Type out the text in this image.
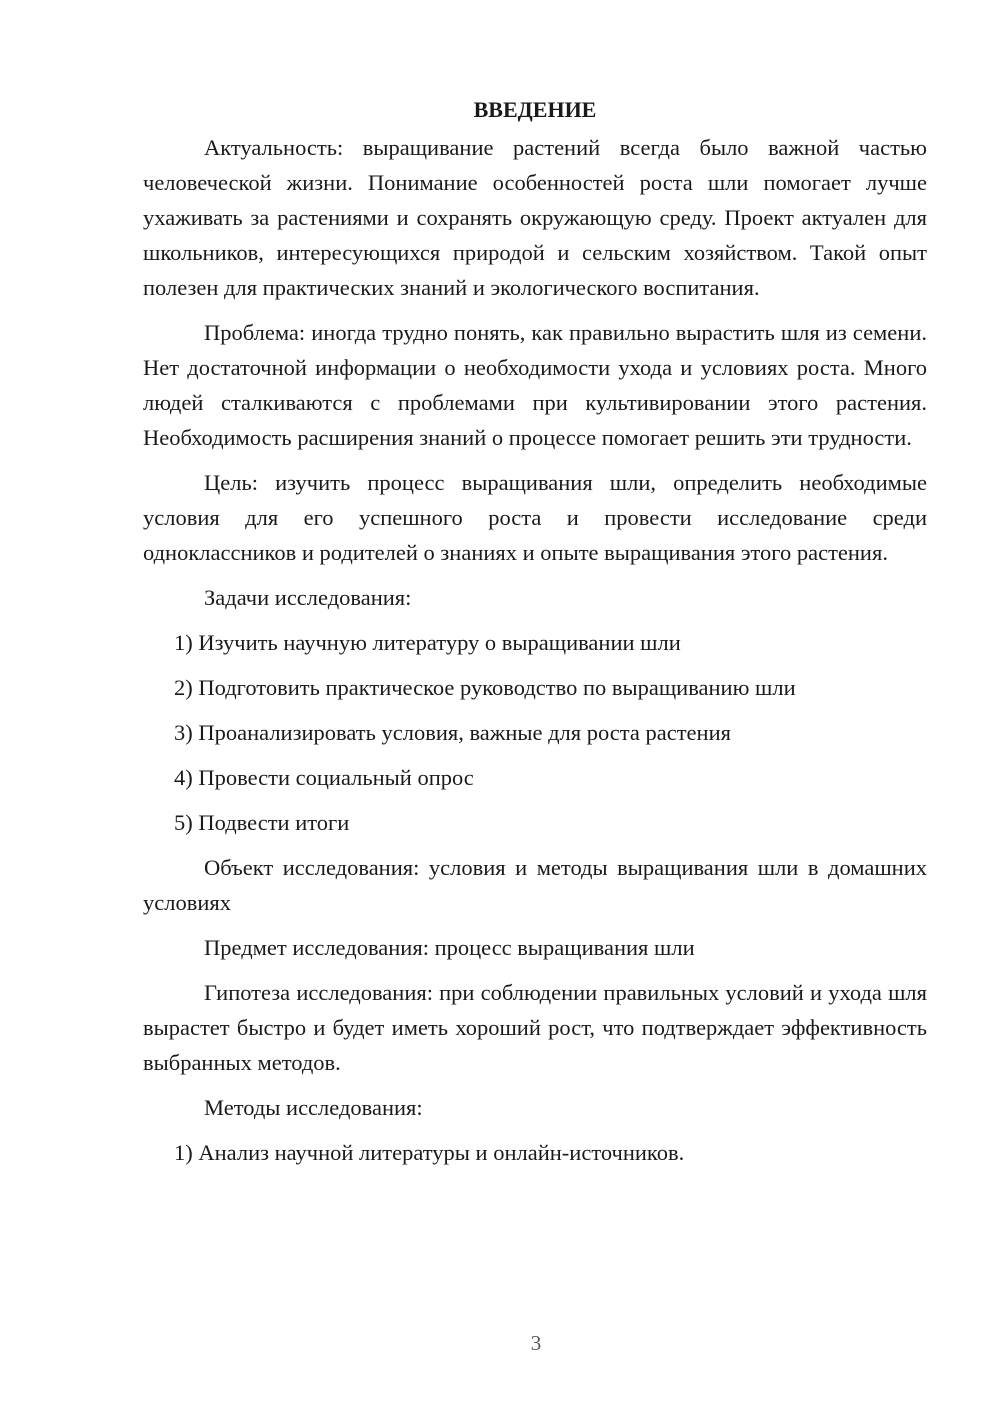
ВВЕДЕНИЕ

Актуальность: выращивание растений всегда было важной частью человеческой жизни. Понимание особенностей роста шли помогает лучше ухаживать за растениями и сохранять окружающую среду. Проект актуален для школьников, интересующихся природой и сельским хозяйством. Такой опыт полезен для практических знаний и экологического воспитания.

Проблема: иногда трудно понять, как правильно вырастить шля из семени. Нет достаточной информации о необходимости ухода и условиях роста. Много людей сталкиваются с проблемами при культивировании этого растения. Необходимость расширения знаний о процессе помогает решить эти трудности.

Цель: изучить процесс выращивания шли, определить необходимые условия для его успешного роста и провести исследование среди одноклассников и родителей о знаниях и опыте выращивания этого растения.

Задачи исследования:

1) Изучить научную литературу о выращивании шли

2) Подготовить практическое руководство по выращиванию шли

3) Проанализировать условия, важные для роста растения

4) Провести социальный опрос

5) Подвести итоги

Объект исследования: условия и методы выращивания шли в домашних условиях

Предмет исследования: процесс выращивания шли

Гипотеза исследования: при соблюдении правильных условий и ухода шля вырастет быстро и будет иметь хороший рост, что подтверждает эффективность выбранных методов.

Методы исследования:

1) Анализ научной литературы и онлайн-источников.

3
